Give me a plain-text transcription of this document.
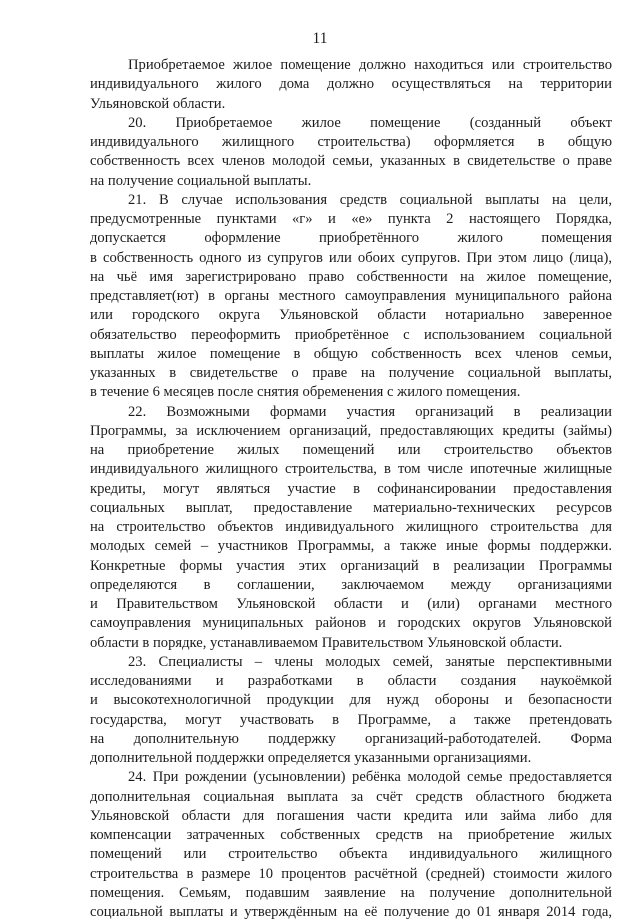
11
Приобретаемое жилое помещение должно находиться или строительство
индивидуального жилого дома должно осуществляться на территории
Ульяновской области.
20. Приобретаемое жилое помещение (созданный объект
индивидуального жилищного строительства) оформляется в общую
собственность всех членов молодой семьи, указанных в свидетельстве о праве
на получение социальной выплаты.
21. В случае использования средств социальной выплаты на цели,
предусмотренные пунктами «г» и «е» пункта 2 настоящего Порядка,
допускается оформление приобретённого жилого помещения
в собственность одного из супругов или обоих супругов. При этом лицо (лица),
на чьё имя зарегистрировано право собственности на жилое помещение,
представляет(ют) в органы местного самоуправления муниципального района
или городского округа Ульяновской области нотариально заверенное
обязательство переоформить приобретённое с использованием социальной
выплаты жилое помещение в общую собственность всех членов семьи,
указанных в свидетельстве о праве на получение социальной выплаты,
в течение 6 месяцев после снятия обременения с жилого помещения.
22. Возможными формами участия организаций в реализации
Программы, за исключением организаций, предоставляющих кредиты (займы)
на приобретение жилых помещений или строительство объектов
индивидуального жилищного строительства, в том числе ипотечные жилищные
кредиты, могут являться участие в софинансировании предоставления
социальных выплат, предоставление материально-технических ресурсов
на строительство объектов индивидуального жилищного строительства для
молодых семей – участников Программы, а также иные формы поддержки.
Конкретные формы участия этих организаций в реализации Программы
определяются в соглашении, заключаемом между организациями
и Правительством Ульяновской области и (или) органами местного
самоуправления муниципальных районов и городских округов Ульяновской
области в порядке, устанавливаемом Правительством Ульяновской области.
23. Специалисты – члены молодых семей, занятые перспективными
исследованиями и разработками в области создания наукоёмкой
и высокотехнологичной продукции для нужд обороны и безопасности
государства, могут участвовать в Программе, а также претендовать
на дополнительную поддержку организаций-работодателей. Форма
дополнительной поддержки определяется указанными организациями.
24. При рождении (усыновлении) ребёнка молодой семье предоставляется
дополнительная социальная выплата за счёт средств областного бюджета
Ульяновской области для погашения части кредита или займа либо для
компенсации затраченных собственных средств на приобретение жилых
помещений или строительство объекта индивидуального жилищного
строительства в размере 10 процентов расчётной (средней) стоимости жилого
помещения. Семьям, подавшим заявление на получение дополнительной
социальной выплаты и утверждённым на её получение до 01 января 2014 года,
